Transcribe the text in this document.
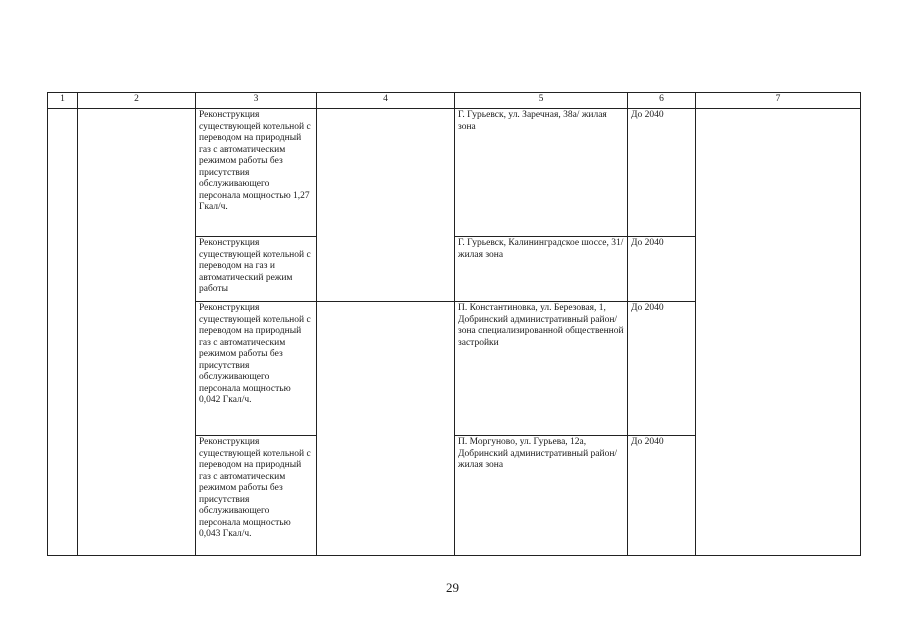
1	2	3	4	5	6	7
		Реконструкция существующей котельной с переводом на природный газ с автоматическим режимом работы без присутствия обслуживающего персонала мощностью 1,27 Гкал/ч.		Г. Гурьевск, ул. Заречная, 38а/ жилая зона	До 2040	
		Реконструкция существующей котельной с переводом на газ и автоматический режим работы		Г. Гурьевск, Калининградское шоссе, 31/ жилая зона	До 2040	
		Реконструкция существующей котельной с переводом на природный газ с автоматическим режимом работы без присутствия обслуживающего персонала мощностью 0,042 Гкал/ч.		П. Константиновка, ул. Березовая, 1, Добринский административный район/ зона специализированной общественной застройки	До 2040	
		Реконструкция существующей котельной с переводом на природный газ с автоматическим режимом работы без присутствия обслуживающего персонала мощностью 0,043 Гкал/ч.		П. Моргуново, ул. Гурьева, 12а, Добринский административный район/ жилая зона	До 2040	
29
